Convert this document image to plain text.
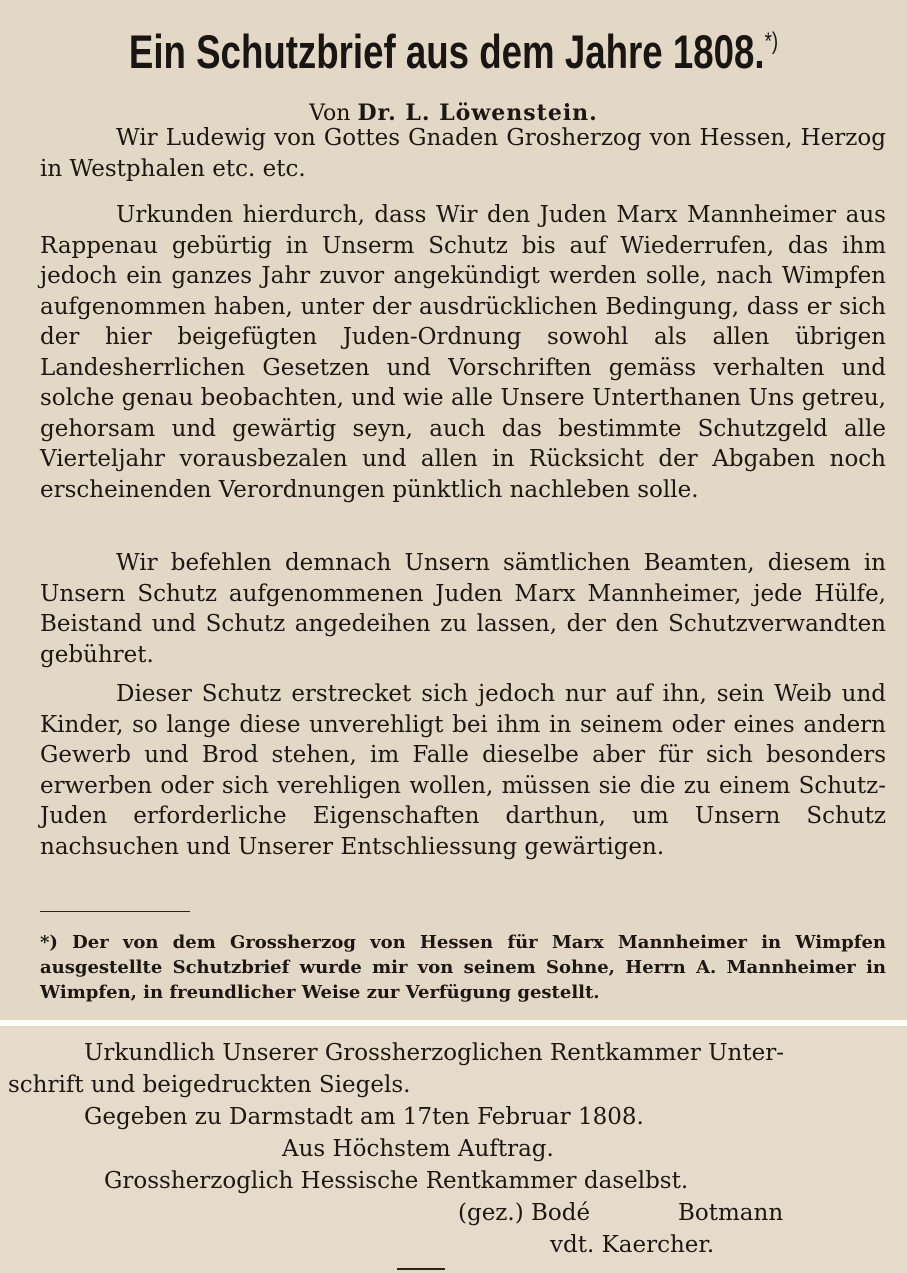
Ein Schutzbrief aus dem Jahre 1808.*)
Von Dr. L. Löwenstein.

Wir Ludewig von Gottes Gnaden Grosherzog von Hessen, Herzog in Westphalen etc. etc.

Urkunden hierdurch, dass Wir den Juden Marx Mannheimer aus Rappenau gebürtig in Unserm Schutz bis auf Wiederrufen, das ihm jedoch ein ganzes Jahr zuvor angekündigt werden solle, nach Wimpfen aufgenommen haben, unter der ausdrücklichen Bedingung, dass er sich der hier beigefügten Juden-Ordnung sowohl als allen übrigen Landesherrlichen Gesetzen und Vorschriften gemäss verhalten und solche genau beobachten, und wie alle Unsere Unterthanen Uns getreu, gehorsam und gewärtig seyn, auch das bestimmte Schutzgeld alle Vierteljahr vorausbezalen und allen in Rücksicht der Abgaben noch erscheinenden Verordnungen pünktlich nachleben solle.

Wir befehlen demnach Unsern sämtlichen Beamten, diesem in Unsern Schutz aufgenommenen Juden Marx Mannheimer, jede Hülfe, Beistand und Schutz angedeihen zu lassen, der den Schutzverwandten gebühret.

Dieser Schutz erstrecket sich jedoch nur auf ihn, sein Weib und Kinder, so lange diese unverehligt bei ihm in seinem oder eines andern Gewerb und Brod stehen, im Falle dieselbe aber für sich besonders erwerben oder sich verehligen wollen, müssen sie die zu einem Schutz-Juden erforderliche Eigenschaften darthun, um Unsern Schutz nachsuchen und Unserer Entschliessung gewärtigen.

*) Der von dem Grossherzog von Hessen für Marx Mannheimer in Wimpfen ausgestellte Schutzbrief wurde mir von seinem Sohne, Herrn A. Mannheimer in Wimpfen, in freundlicher Weise zur Verfügung gestellt.

Urkundlich Unserer Grossherzoglichen Rentkammer Unter-
schrift und beigedruckten Siegels.
Gegeben zu Darmstadt am 17ten Februar 1808.
Aus Höchstem Auftrag.
Grossherzoglich Hessische Rentkammer daselbst.
(gez.) Bodé	Botmann
vdt. Kaercher.
